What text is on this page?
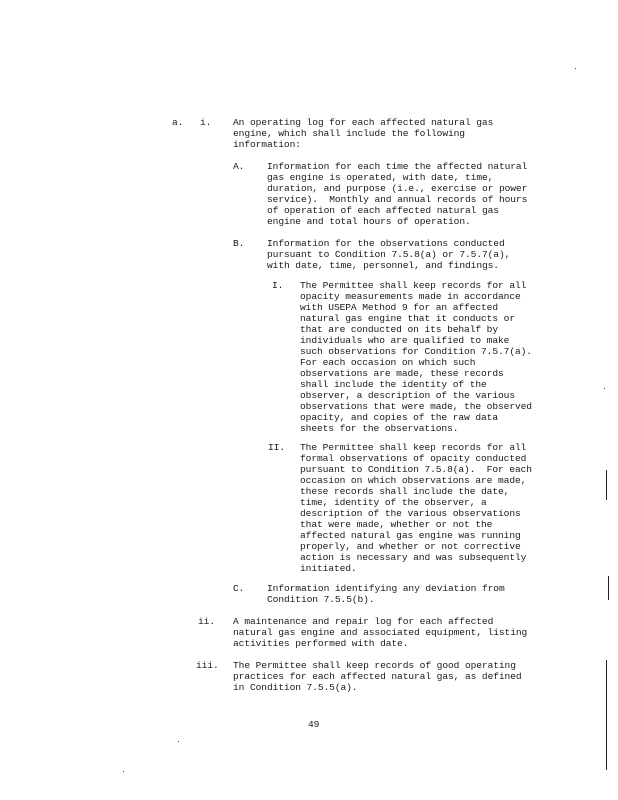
a. i. An operating log for each affected natural gas
engine, which shall include the following
information:
A. Information for each time the affected natural
gas engine is operated, with date, time,
duration, and purpose (i.e., exercise or power
service).  Monthly and annual records of hours
of operation of each affected natural gas
engine and total hours of operation.
B. Information for the observations conducted
pursuant to Condition 7.5.8(a) or 7.5.7(a),
with date, time, personnel, and findings.
I. The Permittee shall keep records for all
opacity measurements made in accordance
with USEPA Method 9 for an affected
natural gas engine that it conducts or
that are conducted on its behalf by
individuals who are qualified to make
such observations for Condition 7.5.7(a).
For each occasion on which such
observations are made, these records
shall include the identity of the
observer, a description of the various
observations that were made, the observed
opacity, and copies of the raw data
sheets for the observations.
II. The Permittee shall keep records for all
formal observations of opacity conducted
pursuant to Condition 7.5.8(a).  For each
occasion on which observations are made,
these records shall include the date,
time, identity of the observer, a
description of the various observations
that were made, whether or not the
affected natural gas engine was running
properly, and whether or not corrective
action is necessary and was subsequently
initiated.
C. Information identifying any deviation from
Condition 7.5.5(b).
ii. A maintenance and repair log for each affected
natural gas engine and associated equipment, listing
activities performed with date.
iii. The Permittee shall keep records of good operating
practices for each affected natural gas, as defined
in Condition 7.5.5(a).
49
